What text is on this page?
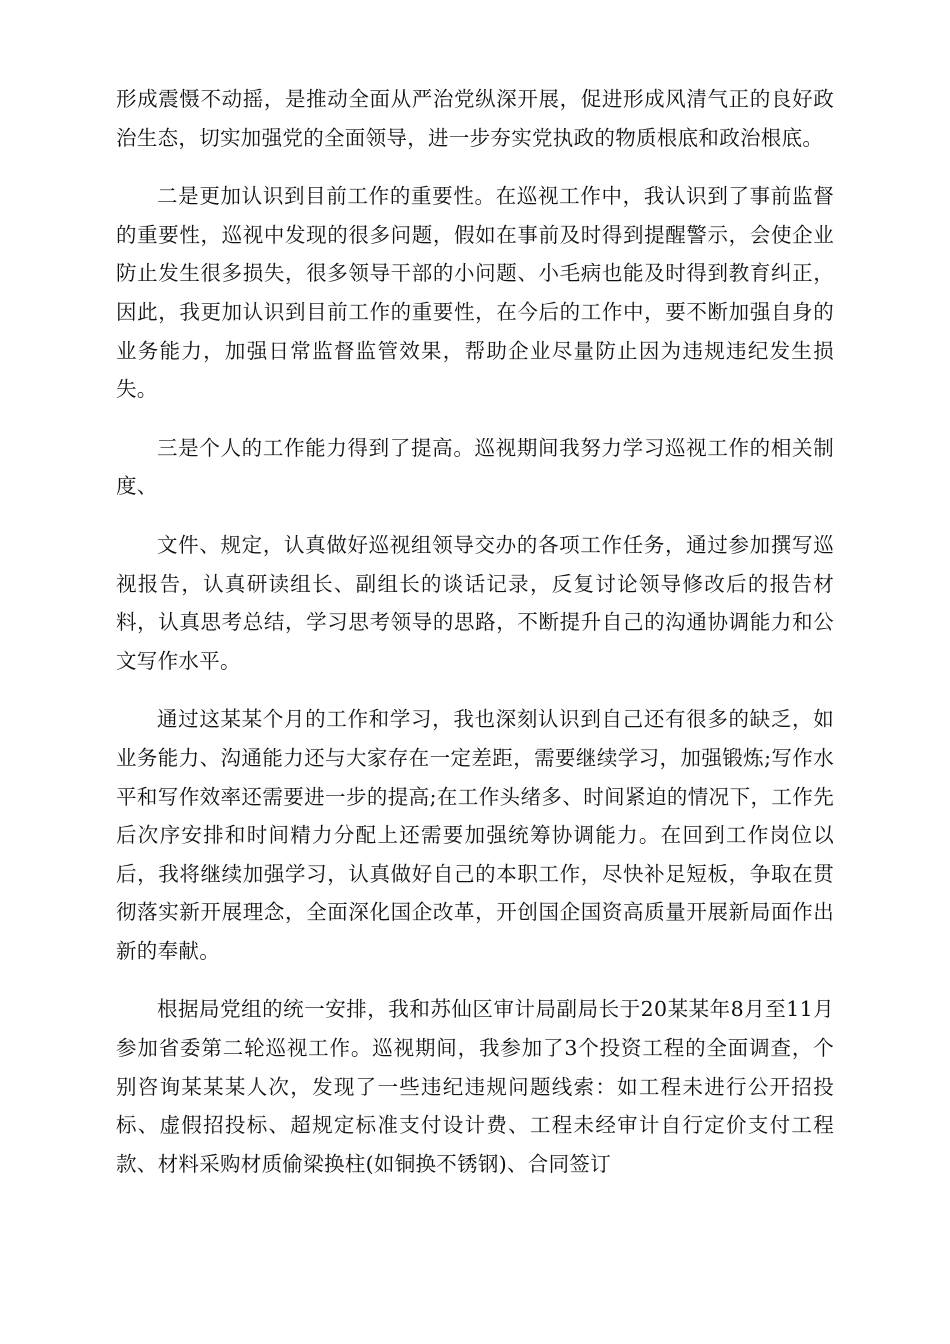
形成震慑不动摇，是推动全面从严治党纵深开展，促进形成风清气正的良好政治生态，切实加强党的全面领导，进一步夯实党执政的物质根底和政治根底。

二是更加认识到目前工作的重要性。在巡视工作中，我认识到了事前监督的重要性，巡视中发现的很多问题，假如在事前及时得到提醒警示，会使企业防止发生很多损失，很多领导干部的小问题、小毛病也能及时得到教育纠正，因此，我更加认识到目前工作的重要性，在今后的工作中，要不断加强自身的业务能力，加强日常监督监管效果，帮助企业尽量防止因为违规违纪发生损失。

三是个人的工作能力得到了提高。巡视期间我努力学习巡视工作的相关制度、

文件、规定，认真做好巡视组领导交办的各项工作任务，通过参加撰写巡视报告，认真研读组长、副组长的谈话记录，反复讨论领导修改后的报告材料，认真思考总结，学习思考领导的思路，不断提升自己的沟通协调能力和公文写作水平。

通过这某某个月的工作和学习，我也深刻认识到自己还有很多的缺乏，如业务能力、沟通能力还与大家存在一定差距，需要继续学习，加强锻炼;写作水平和写作效率还需要进一步的提高;在工作头绪多、时间紧迫的情况下，工作先后次序安排和时间精力分配上还需要加强统筹协调能力。在回到工作岗位以后，我将继续加强学习，认真做好自己的本职工作，尽快补足短板，争取在贯彻落实新开展理念，全面深化国企改革，开创国企国资高质量开展新局面作出新的奉献。

根据局党组的统一安排，我和苏仙区审计局副局长于20某某年8月至11月参加省委第二轮巡视工作。巡视期间，我参加了3个投资工程的全面调查，个别咨询某某某人次，发现了一些违纪违规问题线索：如工程未进行公开招投标、虚假招投标、超规定标准支付设计费、工程未经审计自行定价支付工程款、材料采购材质偷梁换柱(如铜换不锈钢)、合同签订
